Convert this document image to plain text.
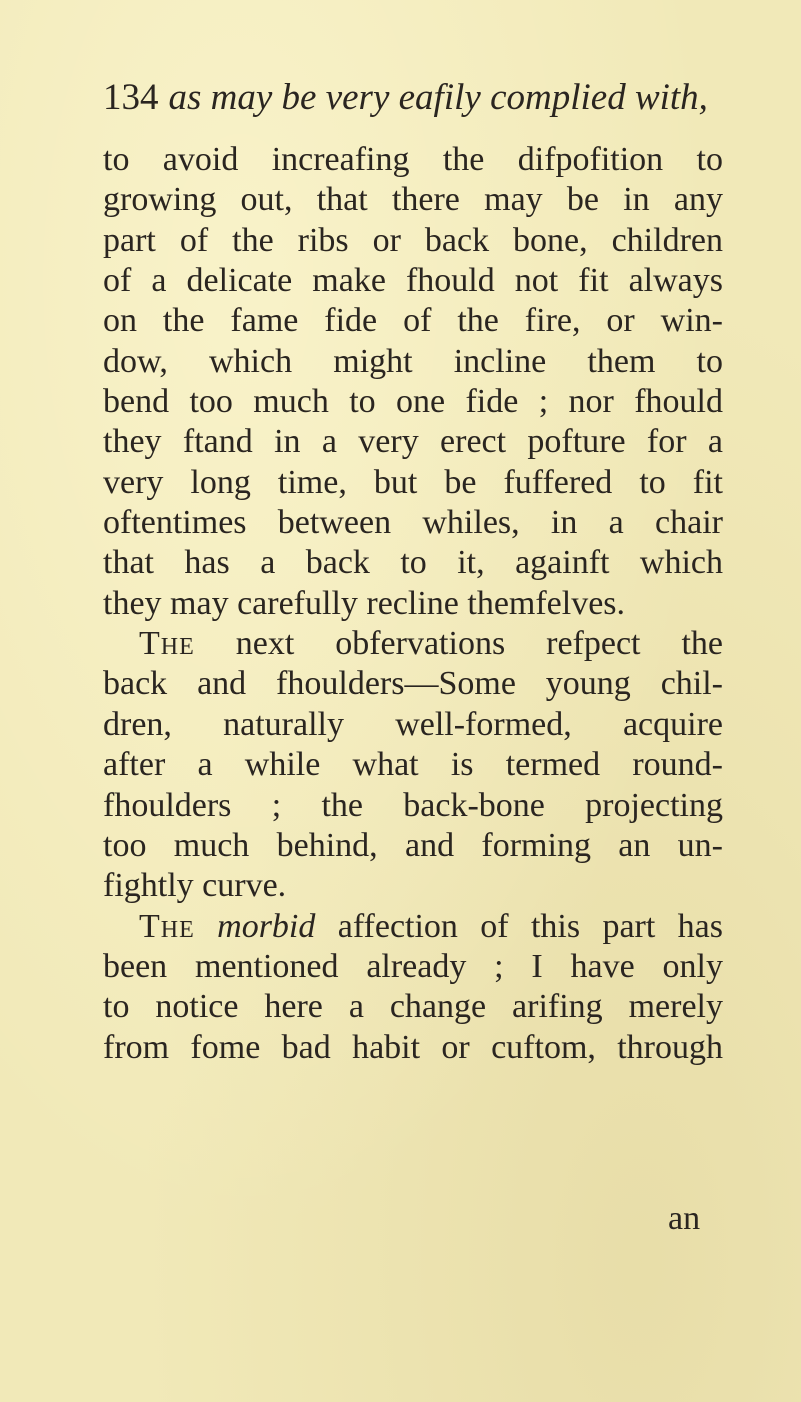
134 as may be very eafily complied with,
to avoid increafing the difpofition to
growing out, that there may be in any
part of the ribs or back bone, children
of a delicate make fhould not fit always
on the fame fide of the fire, or win-
dow, which might incline them to
bend too much to one fide ; nor fhould
they ftand in a very erect pofture for a
very long time, but be fuffered to fit
oftentimes between whiles, in a chair
that has a back to it, againft which
they may carefully recline themfelves.
The next obfervations refpect the
back and fhoulders—Some young chil-
dren, naturally well-formed, acquire
after a while what is termed round-
fhoulders ; the back-bone projecting
too much behind, and forming an un-
fightly curve.
The morbid affection of this part has
been mentioned already ; I have only
to notice here a change arifing merely
from fome bad habit or cuftom, through
an
